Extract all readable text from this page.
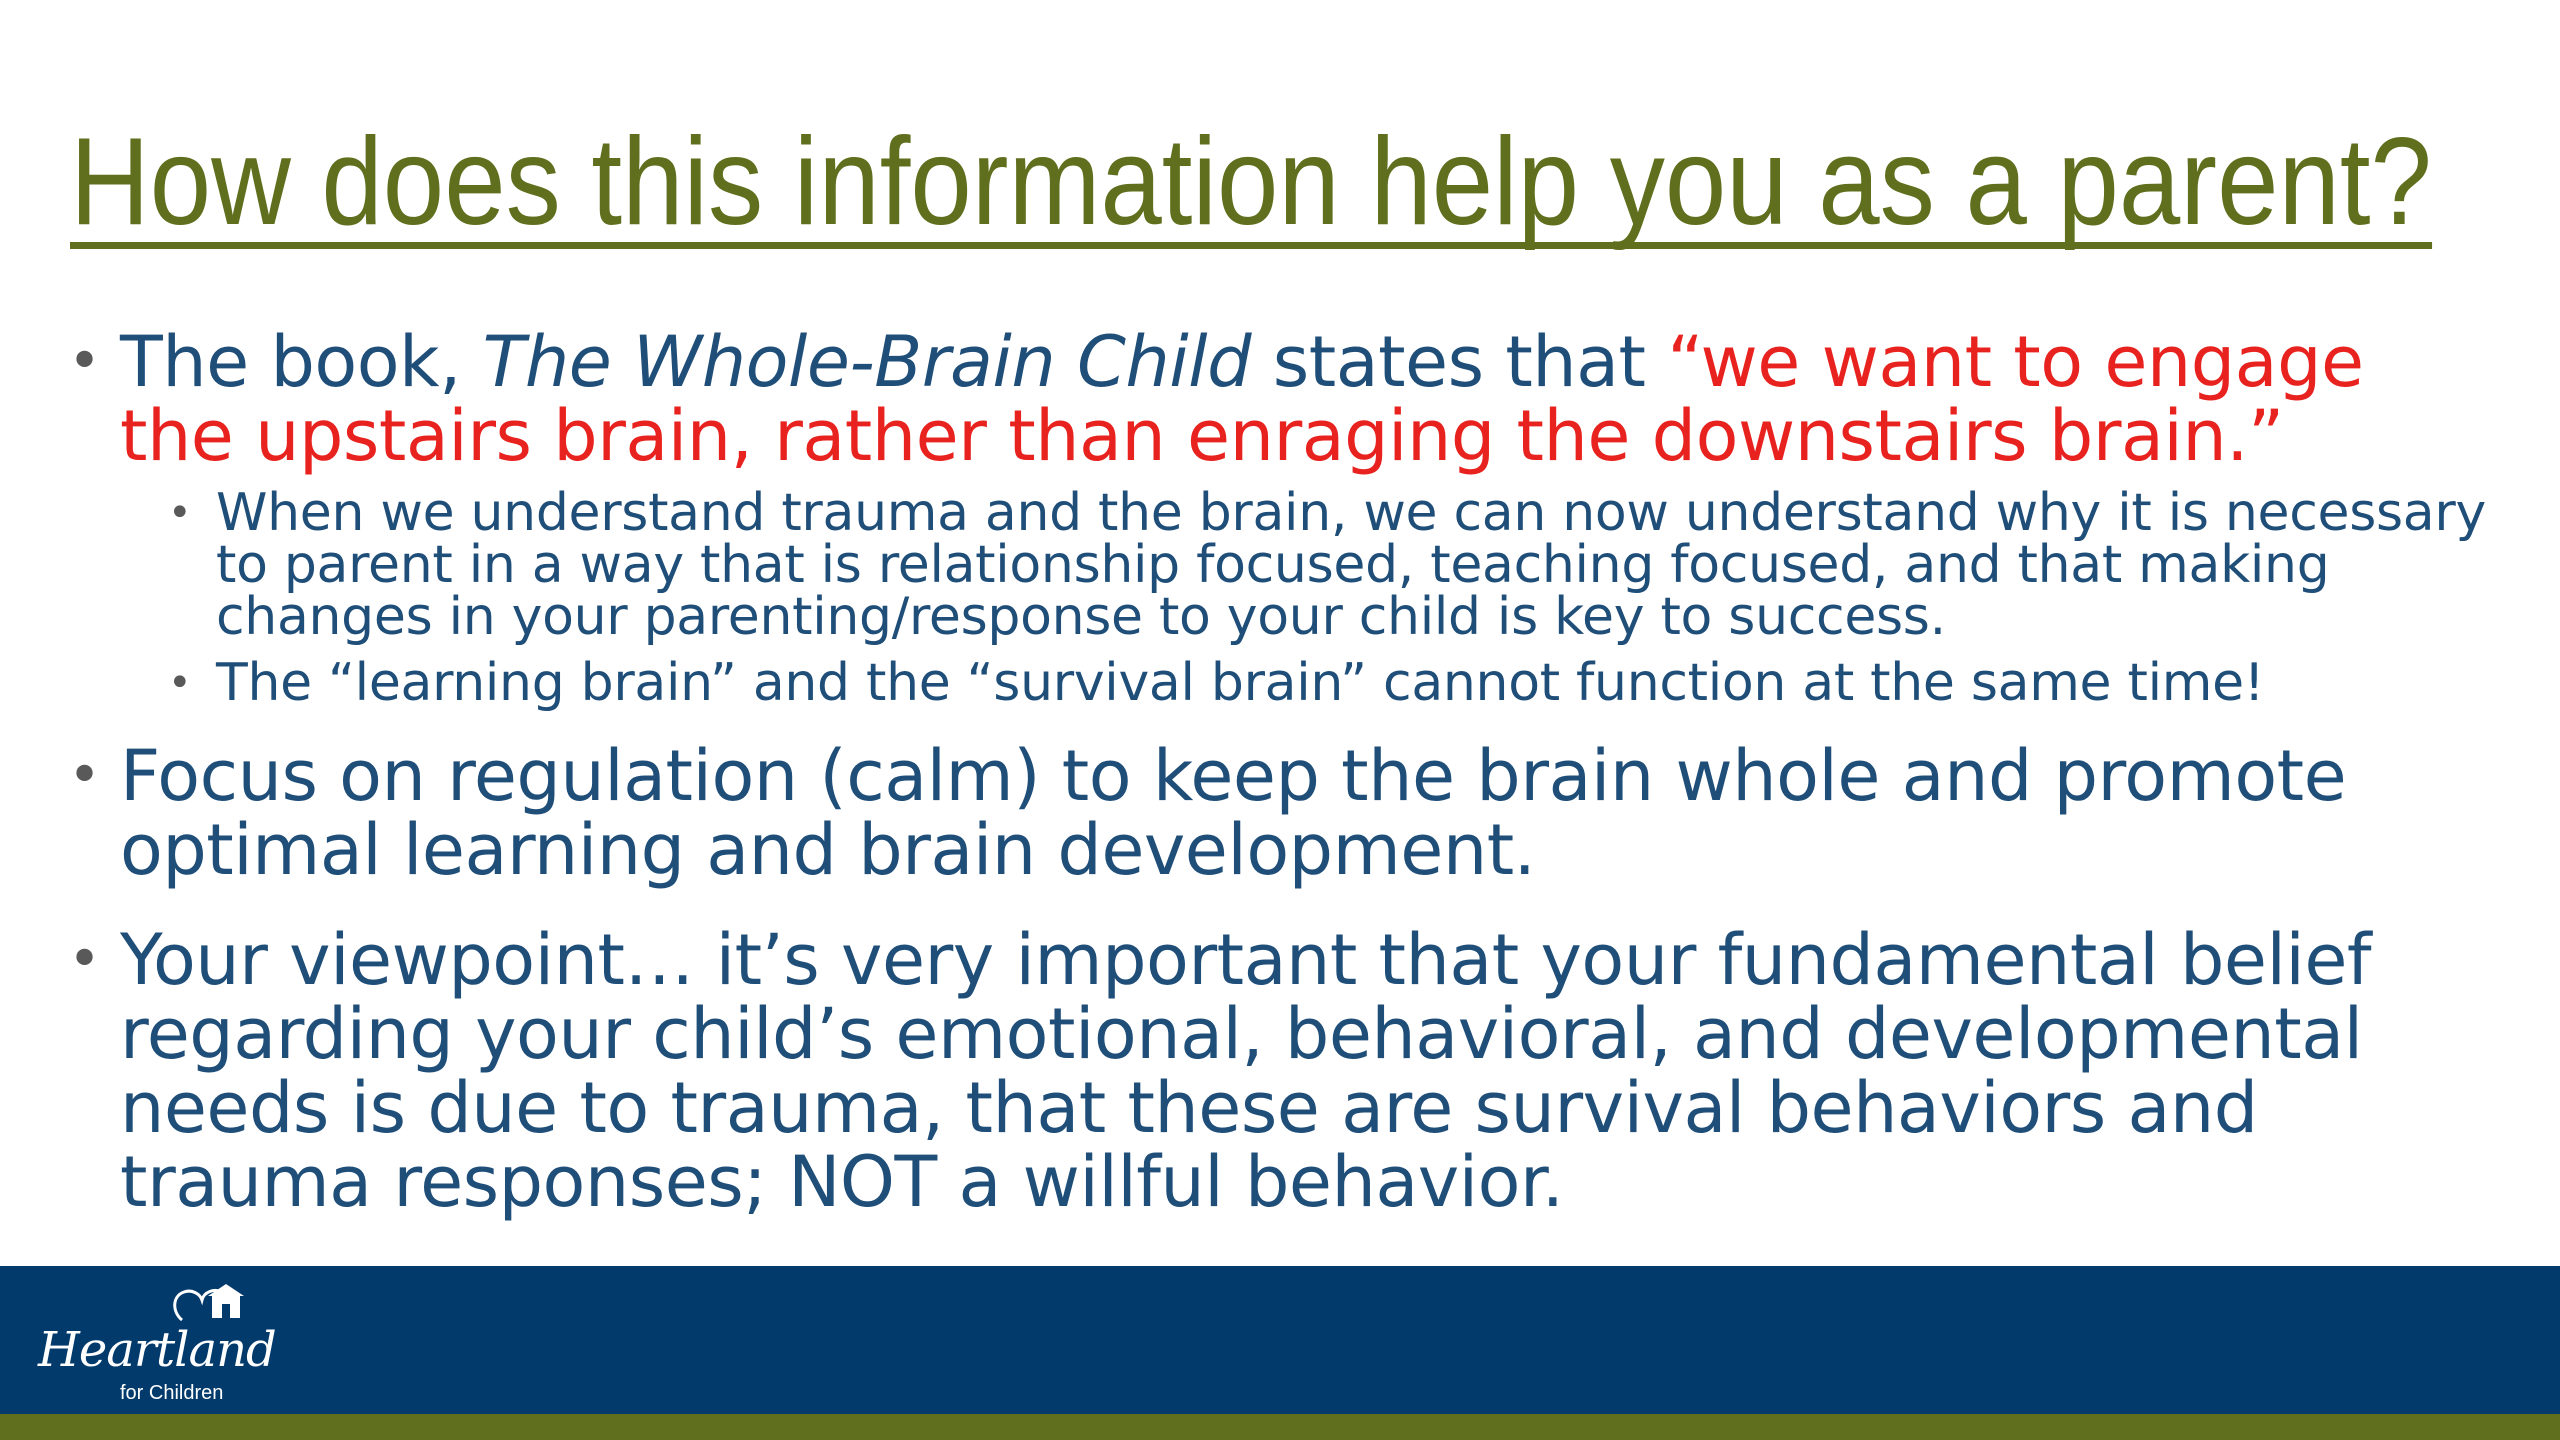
How does this information help you as a parent?
• The book, The Whole-Brain Child states that “we want to engage the upstairs brain, rather than enraging the downstairs brain.”
• When we understand trauma and the brain, we can now understand why it is necessary to parent in a way that is relationship focused, teaching focused, and that making changes in your parenting/response to your child is key to success.
• The “learning brain” and the “survival brain” cannot function at the same time!
• Focus on regulation (calm) to keep the brain whole and promote optimal learning and brain development.
• Your viewpoint… it’s very important that your fundamental belief regarding your child’s emotional, behavioral, and developmental needs is due to trauma, that these are survival behaviors and trauma responses; NOT a willful behavior.
Heartland
for Children
